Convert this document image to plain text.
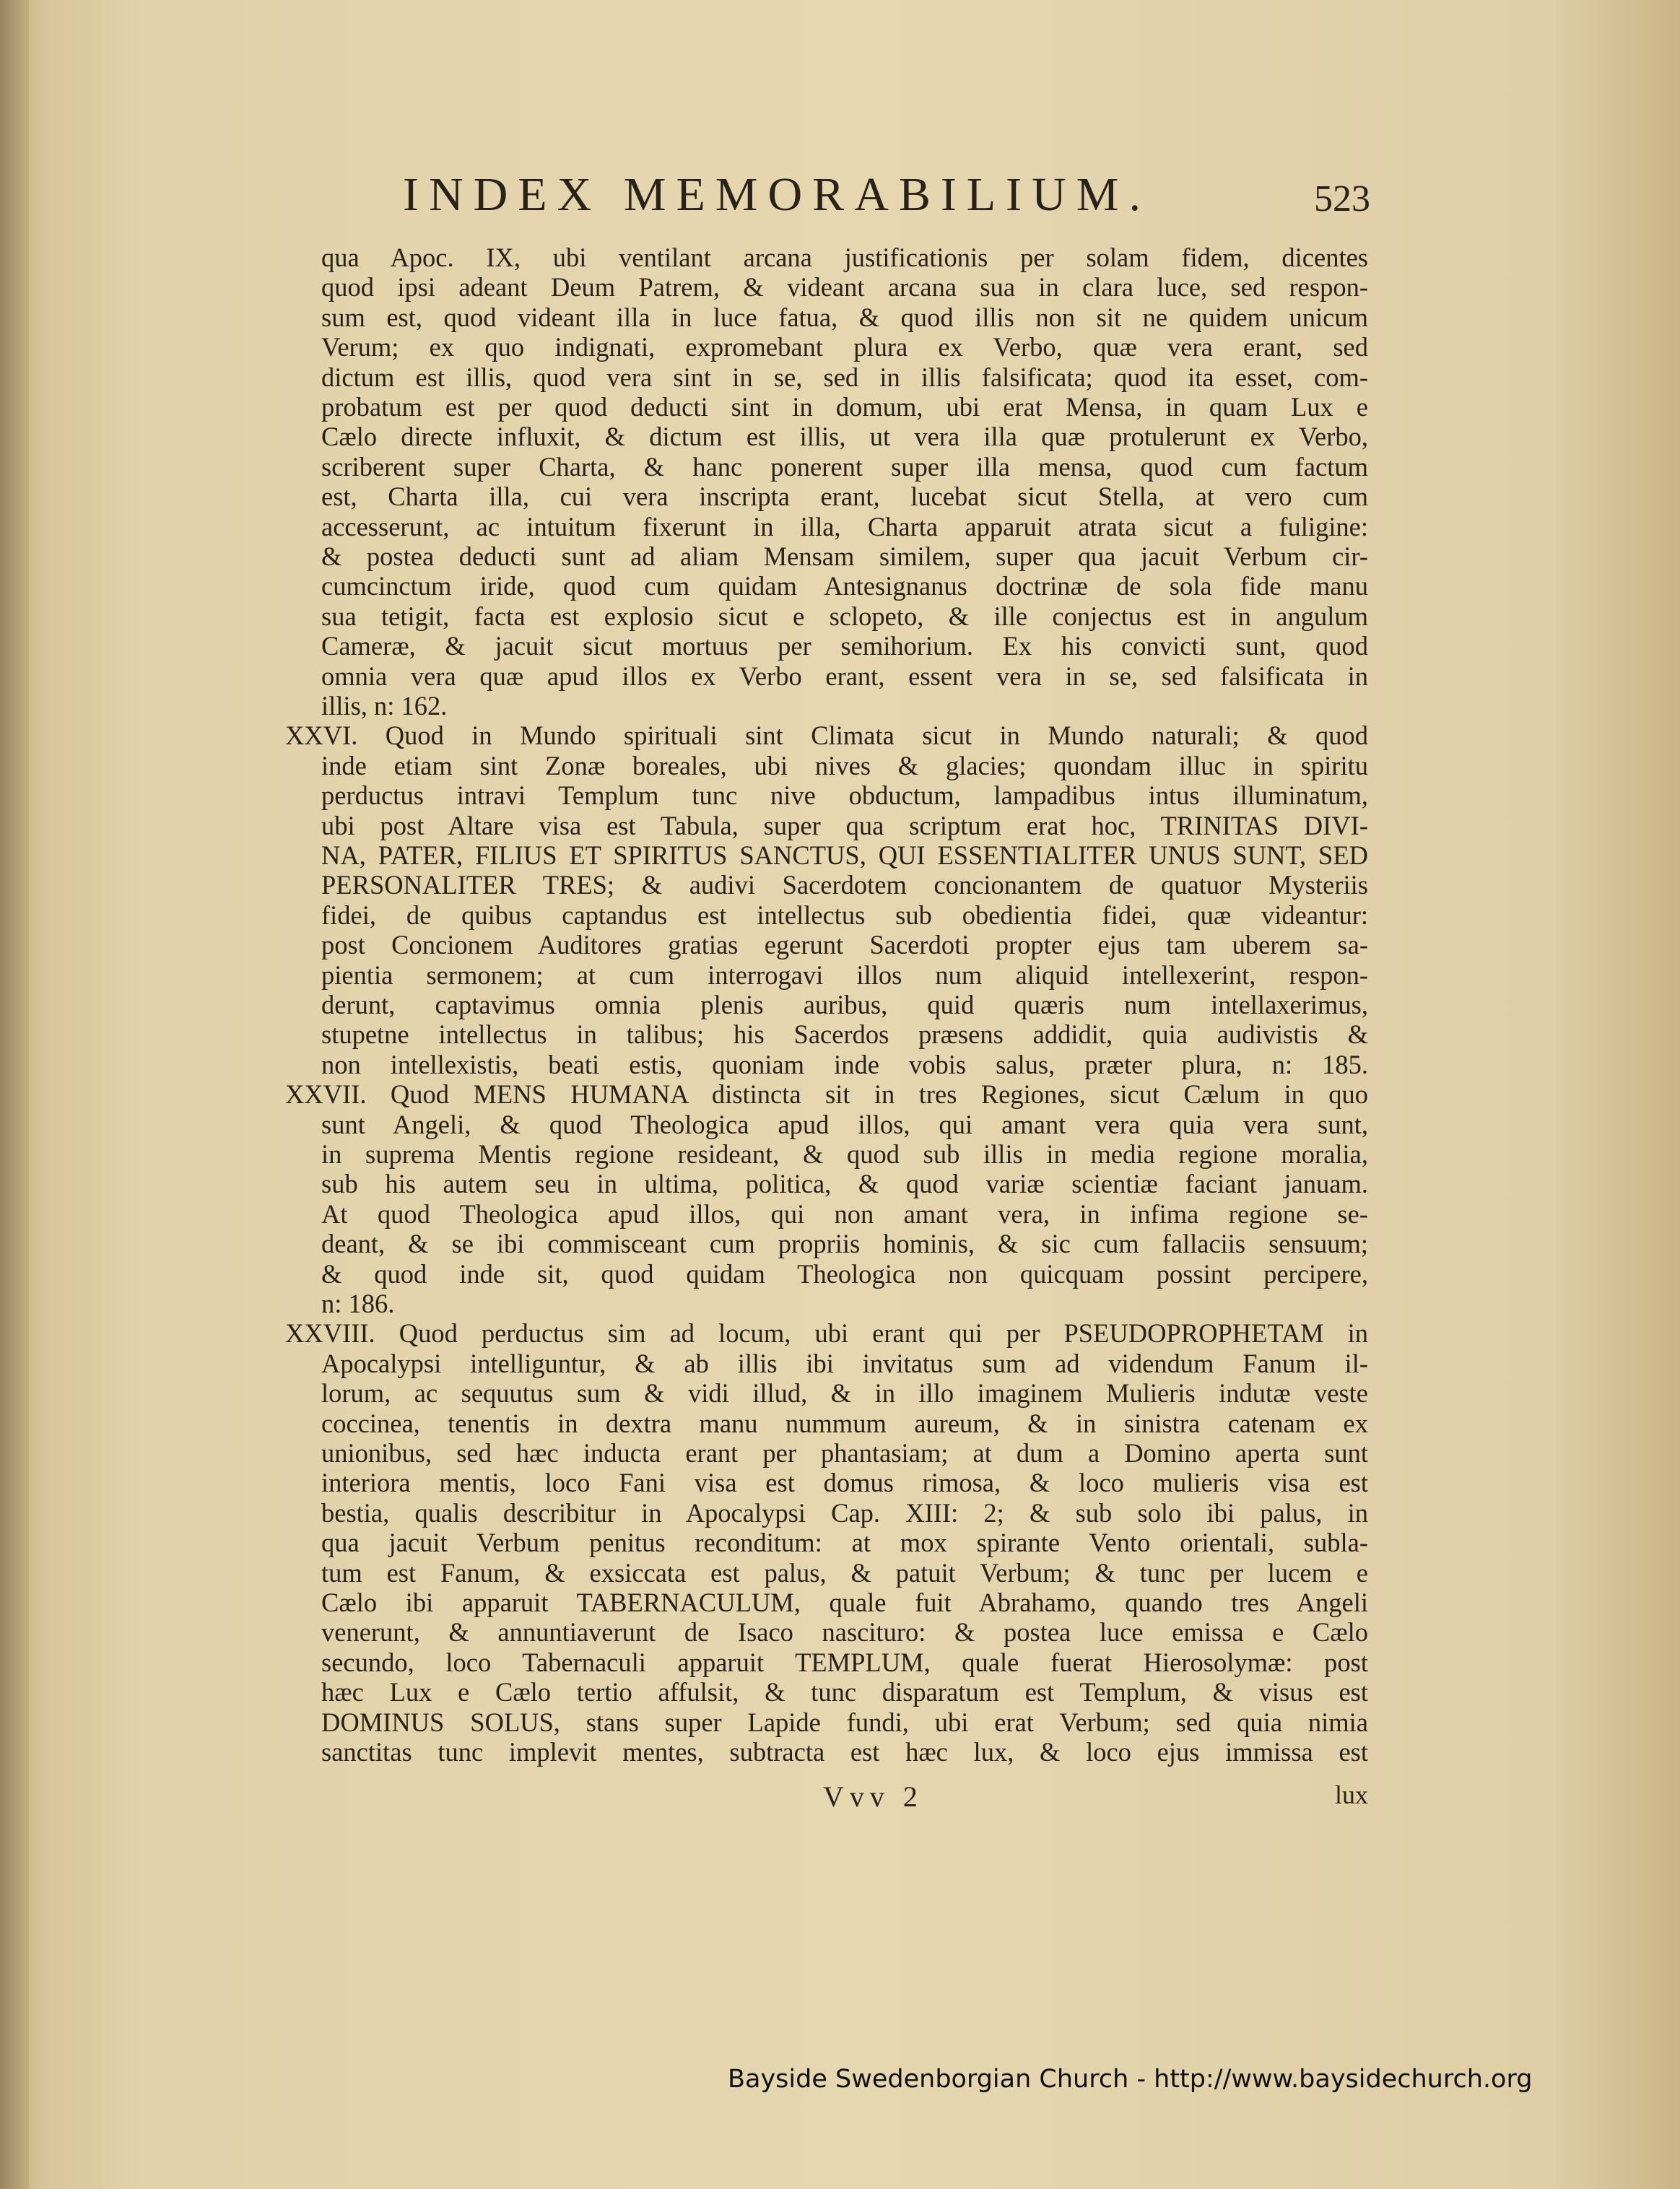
INDEX MEMORABILIUM.	523
qua Apoc. IX, ubi ventilant arcana justificationis per solam fidem, dicentes
quod ipsi adeant Deum Patrem, & videant arcana sua in clara luce, sed respon-
sum est, quod videant illa in luce fatua, & quod illis non sit ne quidem unicum
Verum; ex quo indignati, expromebant plura ex Verbo, quæ vera erant, sed
dictum est illis, quod vera sint in se, sed in illis falsificata; quod ita esset, com-
probatum est per quod deducti sint in domum, ubi erat Mensa, in quam Lux e
Cælo directe influxit, & dictum est illis, ut vera illa quæ protulerunt ex Verbo,
scriberent super Charta, & hanc ponerent super illa mensa, quod cum factum
est, Charta illa, cui vera inscripta erant, lucebat sicut Stella, at vero cum
accesserunt, ac intuitum fixerunt in illa, Charta apparuit atrata sicut a fuligine:
& postea deducti sunt ad aliam Mensam similem, super qua jacuit Verbum cir-
cumcinctum iride, quod cum quidam Antesignanus doctrinæ de sola fide manu
sua tetigit, facta est explosio sicut e sclopeto, & ille conjectus est in angulum
Cameræ, & jacuit sicut mortuus per semihorium. Ex his convicti sunt, quod
omnia vera quæ apud illos ex Verbo erant, essent vera in se, sed falsificata in
illis, n: 162.
XXVI. Quod in Mundo spirituali sint Climata sicut in Mundo naturali; & quod
inde etiam sint Zonæ boreales, ubi nives & glacies; quondam illuc in spiritu
perductus intravi Templum tunc nive obductum, lampadibus intus illuminatum,
ubi post Altare visa est Tabula, super qua scriptum erat hoc, TRINITAS DIVI-
NA, PATER, FILIUS ET SPIRITUS SANCTUS, QUI ESSENTIALITER UNUS SUNT, SED
PERSONALITER TRES; & audivi Sacerdotem concionantem de quatuor Mysteriis
fidei, de quibus captandus est intellectus sub obedientia fidei, quæ videantur:
post Concionem Auditores gratias egerunt Sacerdoti propter ejus tam uberem sa-
pientia sermonem; at cum interrogavi illos num aliquid intellexerint, respon-
derunt, captavimus omnia plenis auribus, quid quæris num intellaxerimus,
stupetne intellectus in talibus; his Sacerdos præsens addidit, quia audivistis &
non intellexistis, beati estis, quoniam inde vobis salus, præter plura, n: 185.
XXVII. Quod MENS HUMANA distincta sit in tres Regiones, sicut Cælum in quo
sunt Angeli, & quod Theologica apud illos, qui amant vera quia vera sunt,
in suprema Mentis regione resideant, & quod sub illis in media regione moralia,
sub his autem seu in ultima, politica, & quod variæ scientiæ faciant januam.
At quod Theologica apud illos, qui non amant vera, in infima regione se-
deant, & se ibi commisceant cum propriis hominis, & sic cum fallaciis sensuum;
& quod inde sit, quod quidam Theologica non quicquam possint percipere,
n: 186.
XXVIII. Quod perductus sim ad locum, ubi erant qui per PSEUDOPROPHETAM in
Apocalypsi intelliguntur, & ab illis ibi invitatus sum ad videndum Fanum il-
lorum, ac sequutus sum & vidi illud, & in illo imaginem Mulieris indutæ veste
coccinea, tenentis in dextra manu nummum aureum, & in sinistra catenam ex
unionibus, sed hæc inducta erant per phantasiam; at dum a Domino aperta sunt
interiora mentis, loco Fani visa est domus rimosa, & loco mulieris visa est
bestia, qualis describitur in Apocalypsi Cap. XIII: 2; & sub solo ibi palus, in
qua jacuit Verbum penitus reconditum: at mox spirante Vento orientali, subla-
tum est Fanum, & exsiccata est palus, & patuit Verbum; & tunc per lucem e
Cælo ibi apparuit TABERNACULUM, quale fuit Abrahamo, quando tres Angeli
venerunt, & annuntiaverunt de Isaco nasciturо: & postea luce emissa e Cælo
secundo, loco Tabernaculi apparuit TEMPLUM, quale fuerat Hierosolymæ: post
hæc Lux e Cælo tertio affulsit, & tunc disparatum est Templum, & visus est
DOMINUS SOLUS, stans super Lapide fundi, ubi erat Verbum; sed quia nimia
sanctitas tunc implevit mentes, subtracta est hæc lux, & loco ejus immissa est
Vvv 2	lux
Bayside Swedenborgian Church - http://www.baysidechurch.org
